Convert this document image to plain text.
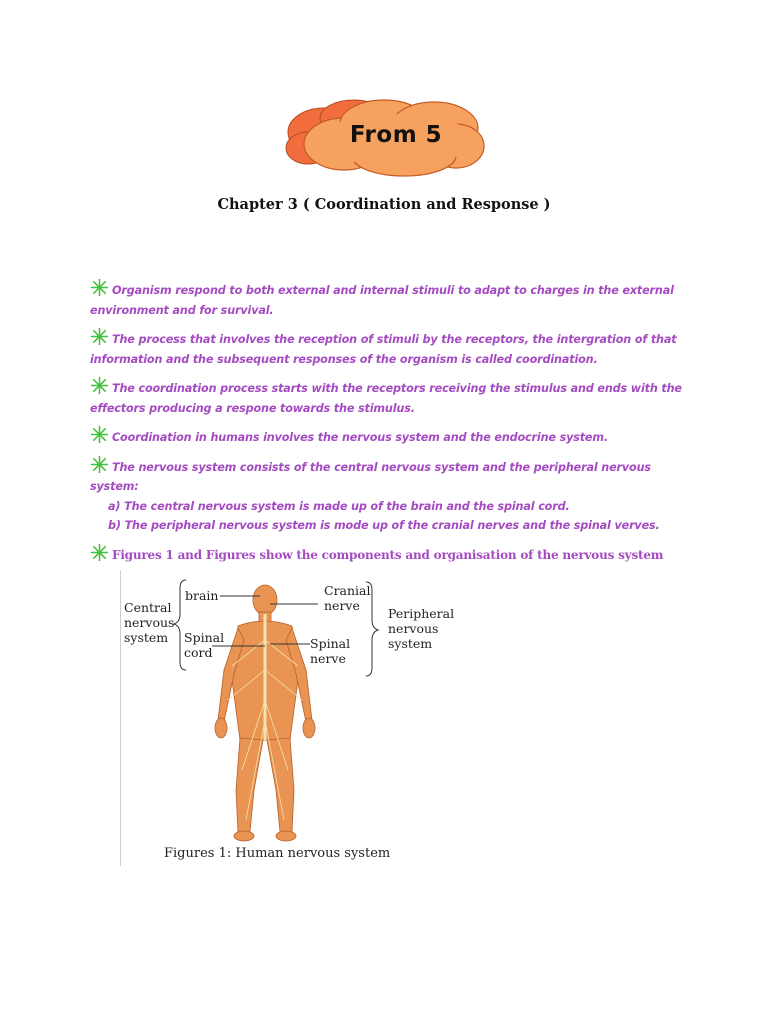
From 5
Chapter 3 ( Coordination and Response )
Organism respond to both external and internal stimuli to adapt to charges in the external environment and for survival.
The process that involves the reception of stimuli by the receptors, the intergration of that information and the subsequent responses of the organism is called coordination.
The coordination process starts with the receptors receiving the stimulus and ends with the effectors producing a respone towards the stimulus.
Coordination in humans involves the nervous system and the endocrine system.
The nervous system consists of the central nervous system and the peripheral nervous system:
a) The central nervous system is made up of the brain and the spinal cord.
b) The peripheral nervous system is mode up of the cranial nerves and the spinal verves.
Figures 1 and Figures show the components and organisation of the nervous system
Central
nervous
system
brain
Spinal
cord
Cranial
nerve
Spinal
nerve
Peripheral
nervous
system
Figures 1: Human nervous system
